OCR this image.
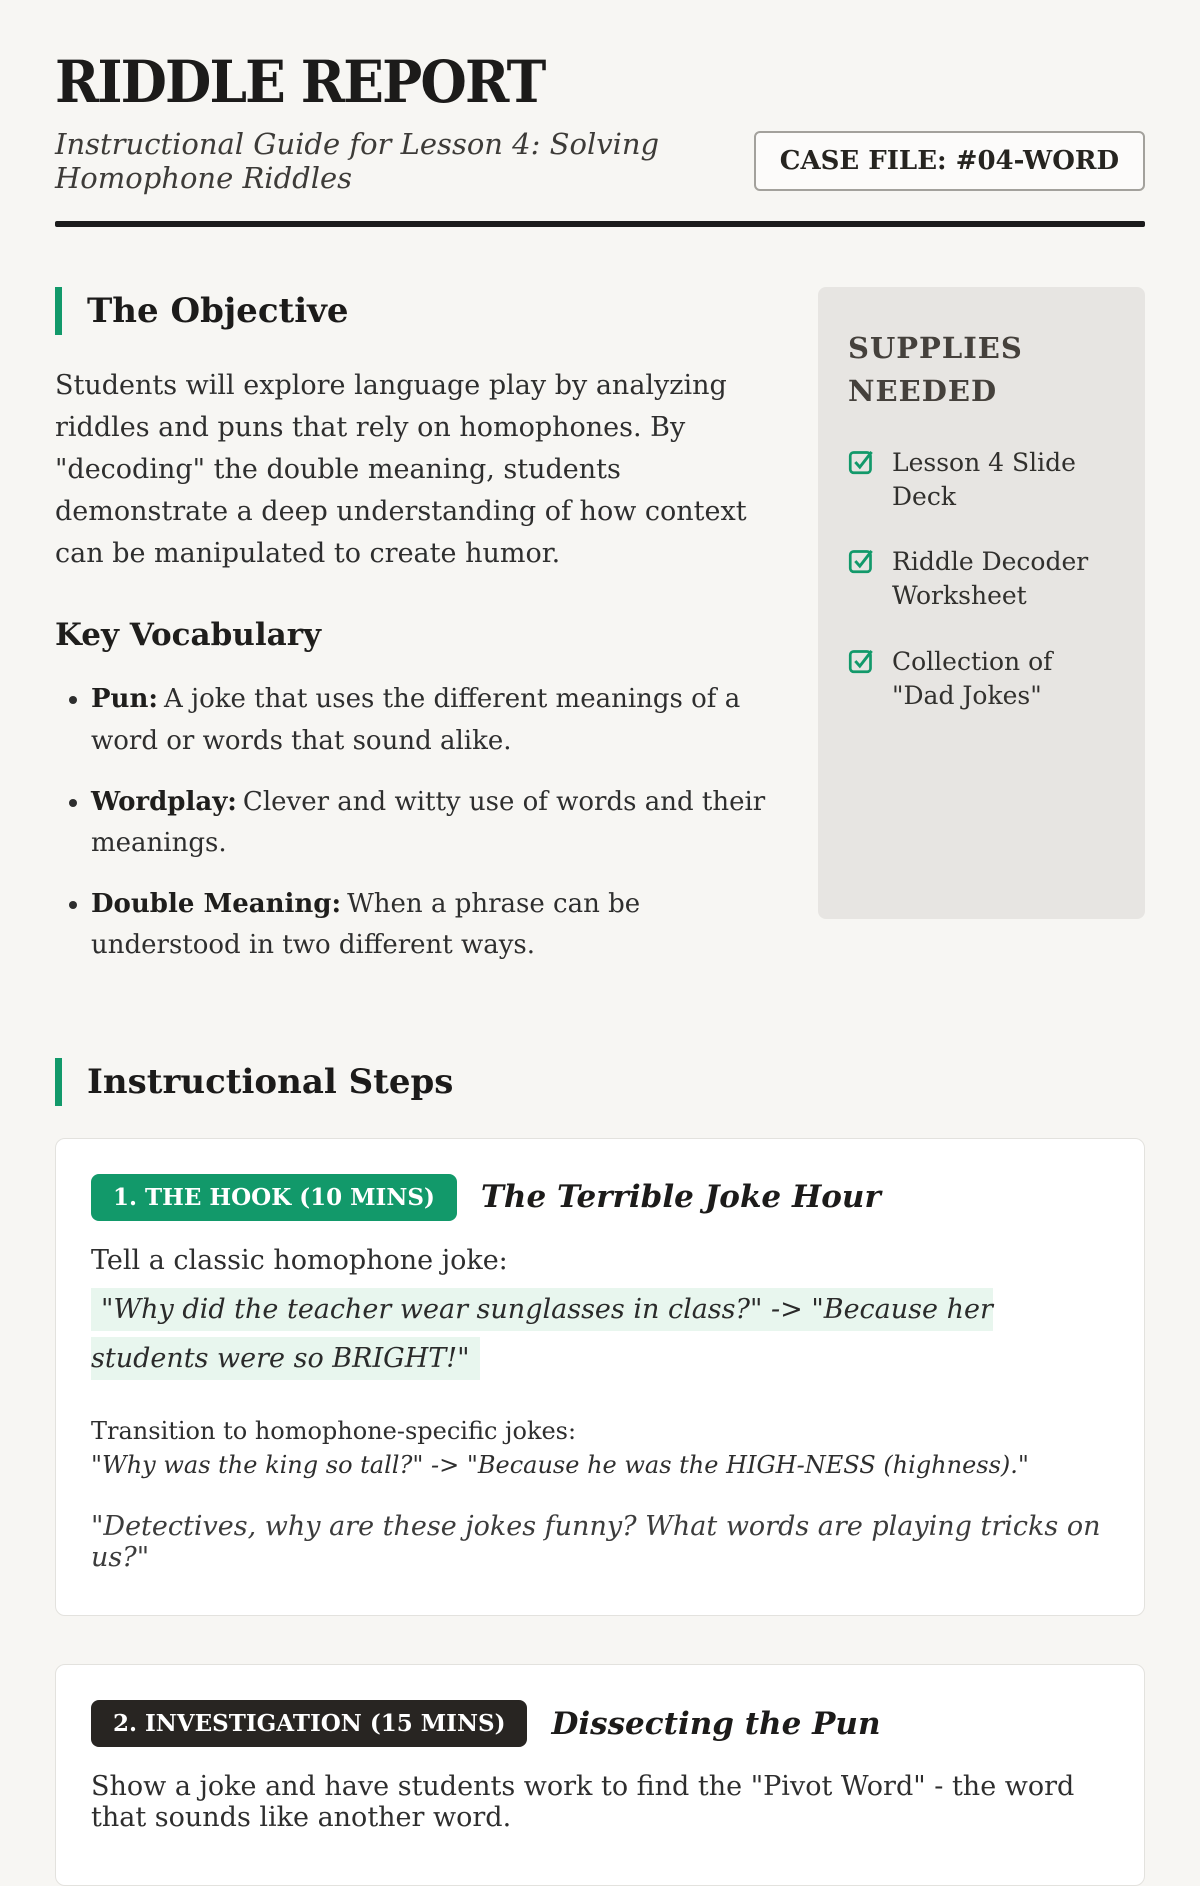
RIDDLE REPORT
Instructional Guide for Lesson 4: Solving Homophone Riddles	CASE FILE: #04-WORD
The Objective

Students will explore language play by analyzing riddles and puns that rely on homophones. By "decoding" the double meaning, students demonstrate a deep understanding of how context can be manipulated to create humor.

Key Vocabulary
• Pun: A joke that uses the different meanings of a word or words that sound alike.
• Wordplay: Clever and witty use of words and their meanings.
• Double Meaning: When a phrase can be understood in two different ways.
SUPPLIES NEEDED
Lesson 4 Slide Deck
Riddle Decoder Worksheet
Collection of "Dad Jokes"
Instructional Steps
1. THE HOOK (10 MINS)	The Terrible Joke Hour

Tell a classic homophone joke:

"Why did the teacher wear sunglasses in class?" -> "Because her students were so BRIGHT!"

Transition to homophone-specific jokes:

"Why was the king so tall?" -> "Because he was the HIGH-NESS (highness)."

"Detectives, why are these jokes funny? What words are playing tricks on us?"

2. INVESTIGATION (15 MINS)	Dissecting the Pun

Show a joke and have students work to find the "Pivot Word" - the word that sounds like another word.
